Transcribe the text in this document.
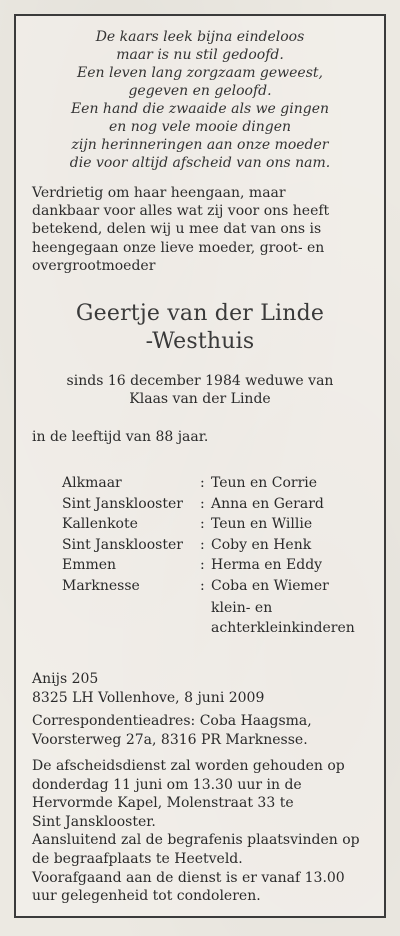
De kaars leek bijna eindeloos
maar is nu stil gedoofd.
Een leven lang zorgzaam geweest,
gegeven en geloofd.
Een hand die zwaaide als we gingen
en nog vele mooie dingen
zijn herinneringen aan onze moeder
die voor altijd afscheid van ons nam.
Verdrietig om haar heengaan, maar
dankbaar voor alles wat zij voor ons heeft
betekend, delen wij u mee dat van ons is
heengegaan onze lieve moeder, groot- en
overgrootmoeder
Geertje van der Linde
-Westhuis
sinds 16 december 1984 weduwe van
Klaas van der Linde
in de leeftijd van 88 jaar.
Alkmaar	: Teun en Corrie
Sint Jansklooster : Anna en Gerard
Kallenkote	: Teun en Willie
Sint Jansklooster : Coby en Henk
Emmen	: Herma en Eddy
Marknesse	: Coba en Wiemer
klein- en
achterkleinkinderen
Anijs 205
8325 LH Vollenhove, 8 juni 2009
Correspondentieadres: Coba Haagsma,
Voorsterweg 27a, 8316 PR Marknesse.
De afscheidsdienst zal worden gehouden op
donderdag 11 juni om 13.30 uur in de
Hervormde Kapel, Molenstraat 33 te
Sint Jansklooster.
Aansluitend zal de begrafenis plaatsvinden op
de begraafplaats te Heetveld.
Voorafgaand aan de dienst is er vanaf 13.00
uur gelegenheid tot condoleren.
